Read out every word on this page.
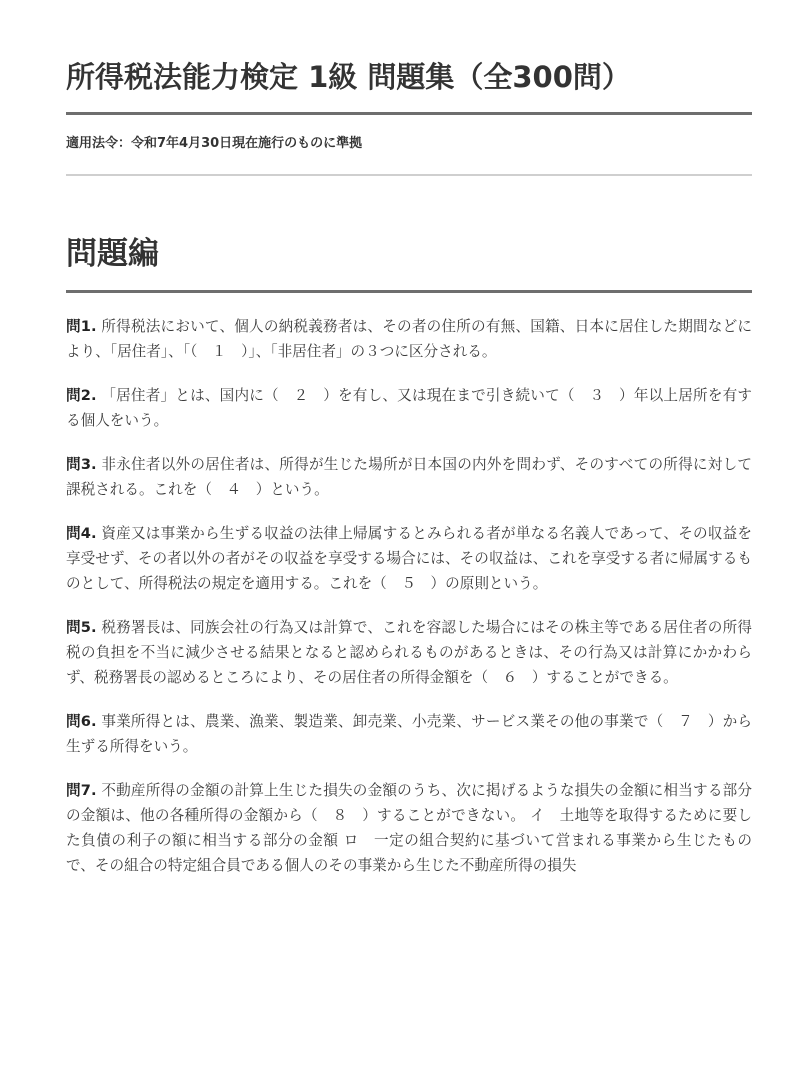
所得税法能力検定 1級 問題集（全300問）
適用法令：令和7年4月30日現在施行のものに準拠
問題編

問1. 所得税法において、個人の納税義務者は、その者の住所の有無、国籍、日本に居住した期間などにより、「居住者」、「（　１　）」、「非居住者」の３つに区分される。

問2. 「居住者」とは、国内に（　２　）を有し、又は現在まで引き続いて（　３　）年以上居所を有する個人をいう。

問3. 非永住者以外の居住者は、所得が生じた場所が日本国の内外を問わず、そのすべての所得に対して課税される。これを（　４　）という。

問4. 資産又は事業から生ずる収益の法律上帰属するとみられる者が単なる名義人であって、その収益を享受せず、その者以外の者がその収益を享受する場合には、その収益は、これを享受する者に帰属するものとして、所得税法の規定を適用する。これを（　５　）の原則という。

問5. 税務署長は、同族会社の行為又は計算で、これを容認した場合にはその株主等である居住者の所得税の負担を不当に減少させる結果となると認められるものがあるときは、その行為又は計算にかかわらず、税務署長の認めるところにより、その居住者の所得金額を（　６　）することができる。

問6. 事業所得とは、農業、漁業、製造業、卸売業、小売業、サービス業その他の事業で（　７　）から生ずる所得をいう。

問7. 不動産所得の金額の計算上生じた損失の金額のうち、次に掲げるような損失の金額に相当する部分の金額は、他の各種所得の金額から（　８　）することができない。 イ　土地等を取得するために要した負債の利子の額に相当する部分の金額 ロ　一定の組合契約に基づいて営まれる事業から生じたもので、その組合の特定組合員である個人のその事業から生じた不動産所得の損失
